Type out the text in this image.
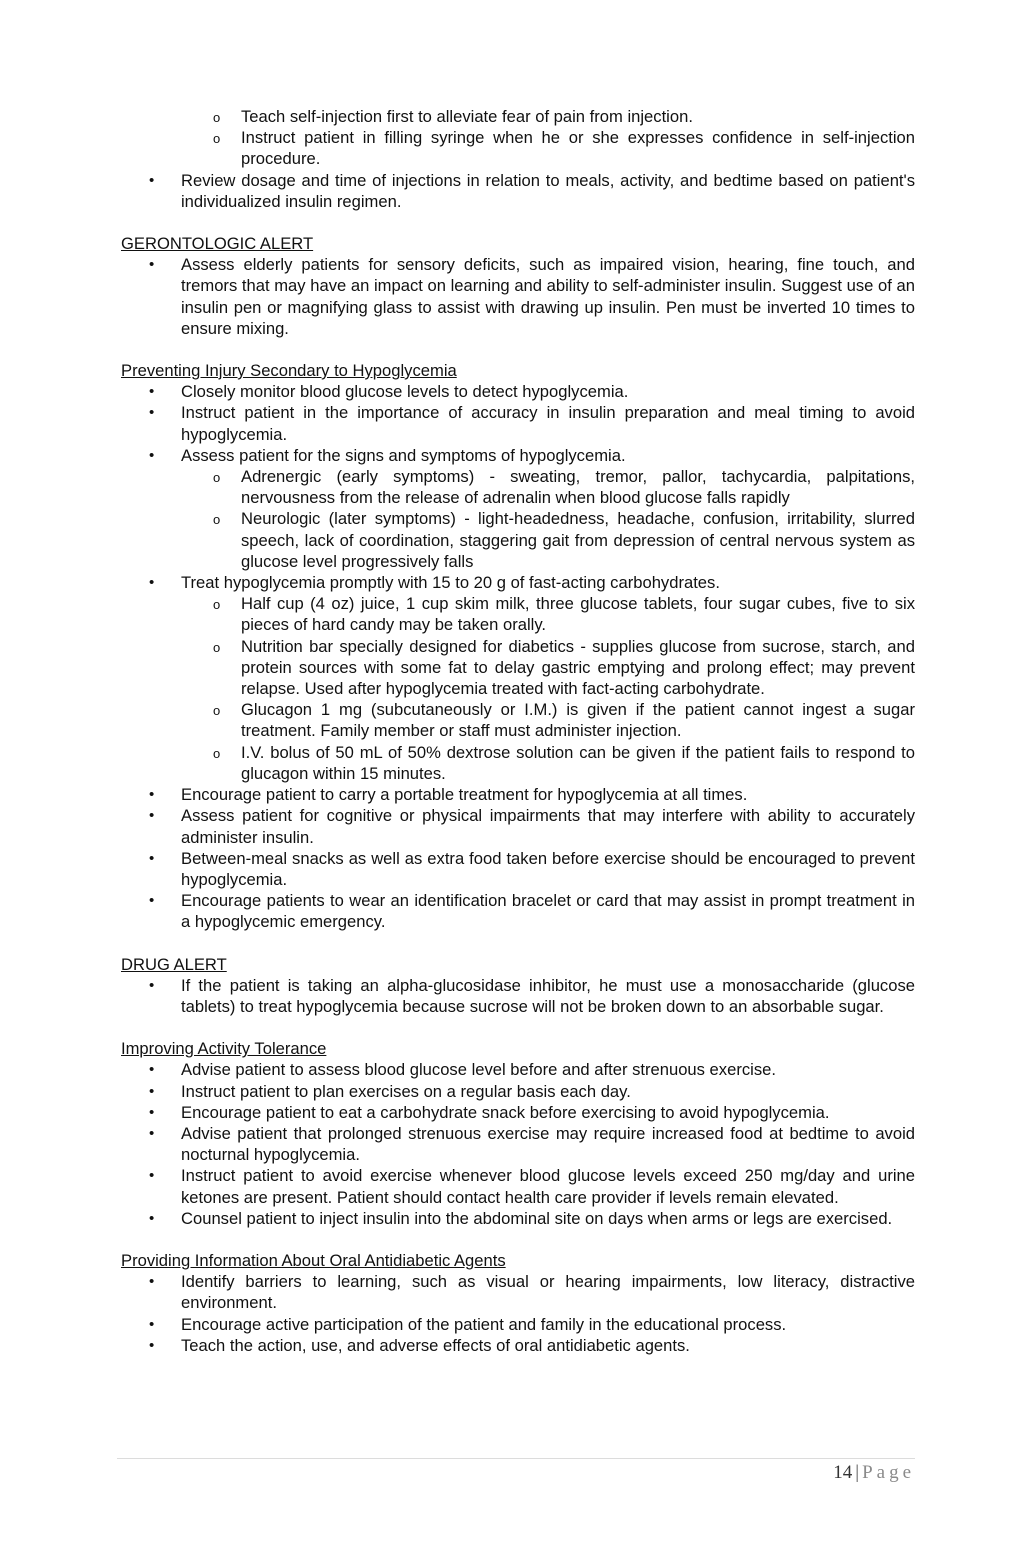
o Teach self-injection first to alleviate fear of pain from injection.
o Instruct patient in filling syringe when he or she expresses confidence in self-injection procedure.
• Review dosage and time of injections in relation to meals, activity, and bedtime based on patient's individualized insulin regimen.
GERONTOLOGIC ALERT
• Assess elderly patients for sensory deficits, such as impaired vision, hearing, fine touch, and tremors that may have an impact on learning and ability to self-administer insulin. Suggest use of an insulin pen or magnifying glass to assist with drawing up insulin. Pen must be inverted 10 times to ensure mixing.
Preventing Injury Secondary to Hypoglycemia
• Closely monitor blood glucose levels to detect hypoglycemia.
• Instruct patient in the importance of accuracy in insulin preparation and meal timing to avoid hypoglycemia.
• Assess patient for the signs and symptoms of hypoglycemia.
o Adrenergic (early symptoms) - sweating, tremor, pallor, tachycardia, palpitations, nervousness from the release of adrenalin when blood glucose falls rapidly
o Neurologic (later symptoms) - light-headedness, headache, confusion, irritability, slurred speech, lack of coordination, staggering gait from depression of central nervous system as glucose level progressively falls
• Treat hypoglycemia promptly with 15 to 20 g of fast-acting carbohydrates.
o Half cup (4 oz) juice, 1 cup skim milk, three glucose tablets, four sugar cubes, five to six pieces of hard candy may be taken orally.
o Nutrition bar specially designed for diabetics - supplies glucose from sucrose, starch, and protein sources with some fat to delay gastric emptying and prolong effect; may prevent relapse. Used after hypoglycemia treated with fact-acting carbohydrate.
o Glucagon 1 mg (subcutaneously or I.M.) is given if the patient cannot ingest a sugar treatment. Family member or staff must administer injection.
o I.V. bolus of 50 mL of 50% dextrose solution can be given if the patient fails to respond to glucagon within 15 minutes.
• Encourage patient to carry a portable treatment for hypoglycemia at all times.
• Assess patient for cognitive or physical impairments that may interfere with ability to accurately administer insulin.
• Between-meal snacks as well as extra food taken before exercise should be encouraged to prevent hypoglycemia.
• Encourage patients to wear an identification bracelet or card that may assist in prompt treatment in a hypoglycemic emergency.
DRUG ALERT
• If the patient is taking an alpha-glucosidase inhibitor, he must use a monosaccharide (glucose tablets) to treat hypoglycemia because sucrose will not be broken down to an absorbable sugar.
Improving Activity Tolerance
• Advise patient to assess blood glucose level before and after strenuous exercise.
• Instruct patient to plan exercises on a regular basis each day.
• Encourage patient to eat a carbohydrate snack before exercising to avoid hypoglycemia.
• Advise patient that prolonged strenuous exercise may require increased food at bedtime to avoid nocturnal hypoglycemia.
• Instruct patient to avoid exercise whenever blood glucose levels exceed 250 mg/day and urine ketones are present. Patient should contact health care provider if levels remain elevated.
• Counsel patient to inject insulin into the abdominal site on days when arms or legs are exercised.
Providing Information About Oral Antidiabetic Agents
• Identify barriers to learning, such as visual or hearing impairments, low literacy, distractive environment.
• Encourage active participation of the patient and family in the educational process.
• Teach the action, use, and adverse effects of oral antidiabetic agents.
14 | Page
